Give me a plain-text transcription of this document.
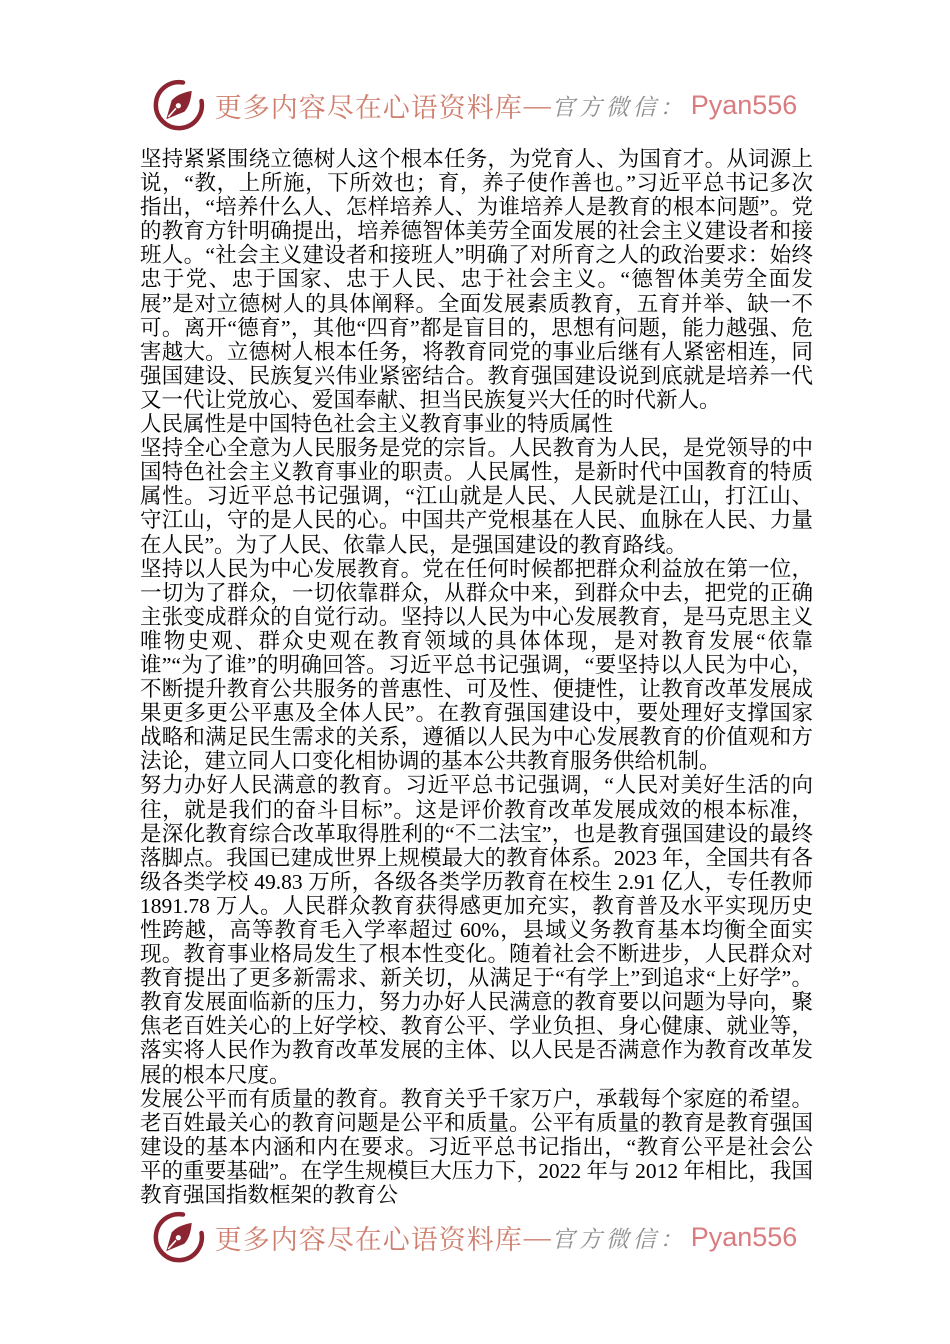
更多内容尽在心语资料库 — 官方微信： Pyan556

坚持紧紧围绕立德树人这个根本任务，为党育人、为国育才。从词源上说，“教，上所施，下所效也；育，养子使作善也。”习近平总书记多次指出，“培养什么人、怎样培养人、为谁培养人是教育的根本问题”。党的教育方针明确提出，培养德智体美劳全面发展的社会主义建设者和接班人。“社会主义建设者和接班人”明确了对所育之人的政治要求：始终忠于党、忠于国家、忠于人民、忠于社会主义。“德智体美劳全面发展”是对立德树人的具体阐释。全面发展素质教育，五育并举、缺一不可。离开“德育”，其他“四育”都是盲目的，思想有问题，能力越强、危害越大。立德树人根本任务，将教育同党的事业后继有人紧密相连，同强国建设、民族复兴伟业紧密结合。教育强国建设说到底就是培养一代又一代让党放心、爱国奉献、担当民族复兴大任的时代新人。

人民属性是中国特色社会主义教育事业的特质属性

坚持全心全意为人民服务是党的宗旨。人民教育为人民，是党领导的中国特色社会主义教育事业的职责。人民属性，是新时代中国教育的特质属性。习近平总书记强调，“江山就是人民、人民就是江山，打江山、守江山，守的是人民的心。中国共产党根基在人民、血脉在人民、力量在人民”。为了人民、依靠人民，是强国建设的教育路线。

坚持以人民为中心发展教育。党在任何时候都把群众利益放在第一位，一切为了群众，一切依靠群众，从群众中来，到群众中去，把党的正确主张变成群众的自觉行动。坚持以人民为中心发展教育，是马克思主义唯物史观、群众史观在教育领域的具体体现，是对教育发展“依靠谁”“为了谁”的明确回答。习近平总书记强调，“要坚持以人民为中心，不断提升教育公共服务的普惠性、可及性、便捷性，让教育改革发展成果更多更公平惠及全体人民”。在教育强国建设中，要处理好支撑国家战略和满足民生需求的关系，遵循以人民为中心发展教育的价值观和方法论，建立同人口变化相协调的基本公共教育服务供给机制。

努力办好人民满意的教育。习近平总书记强调，“人民对美好生活的向往，就是我们的奋斗目标”。这是评价教育改革发展成效的根本标准，是深化教育综合改革取得胜利的“不二法宝”，也是教育强国建设的最终落脚点。我国已建成世界上规模最大的教育体系。2023 年，全国共有各级各类学校 49.83 万所，各级各类学历教育在校生 2.91 亿人，专任教师 1891.78 万人。人民群众教育获得感更加充实，教育普及水平实现历史性跨越，高等教育毛入学率超过 60%，县域义务教育基本均衡全面实现。教育事业格局发生了根本性变化。随着社会不断进步，人民群众对教育提出了更多新需求、新关切，从满足于“有学上”到追求“上好学”。教育发展面临新的压力，努力办好人民满意的教育要以问题为导向，聚焦老百姓关心的上好学校、教育公平、学业负担、身心健康、就业等，落实将人民作为教育改革发展的主体、以人民是否满意作为教育改革发展的根本尺度。

发展公平而有质量的教育。教育关乎千家万户，承载每个家庭的希望。老百姓最关心的教育问题是公平和质量。公平有质量的教育是教育强国建设的基本内涵和内在要求。习近平总书记指出，“教育公平是社会公平的重要基础”。在学生规模巨大压力下，2022 年与 2012 年相比，我国教育强国指数框架的教育公

更多内容尽在心语资料库 — 官方微信： Pyan556
